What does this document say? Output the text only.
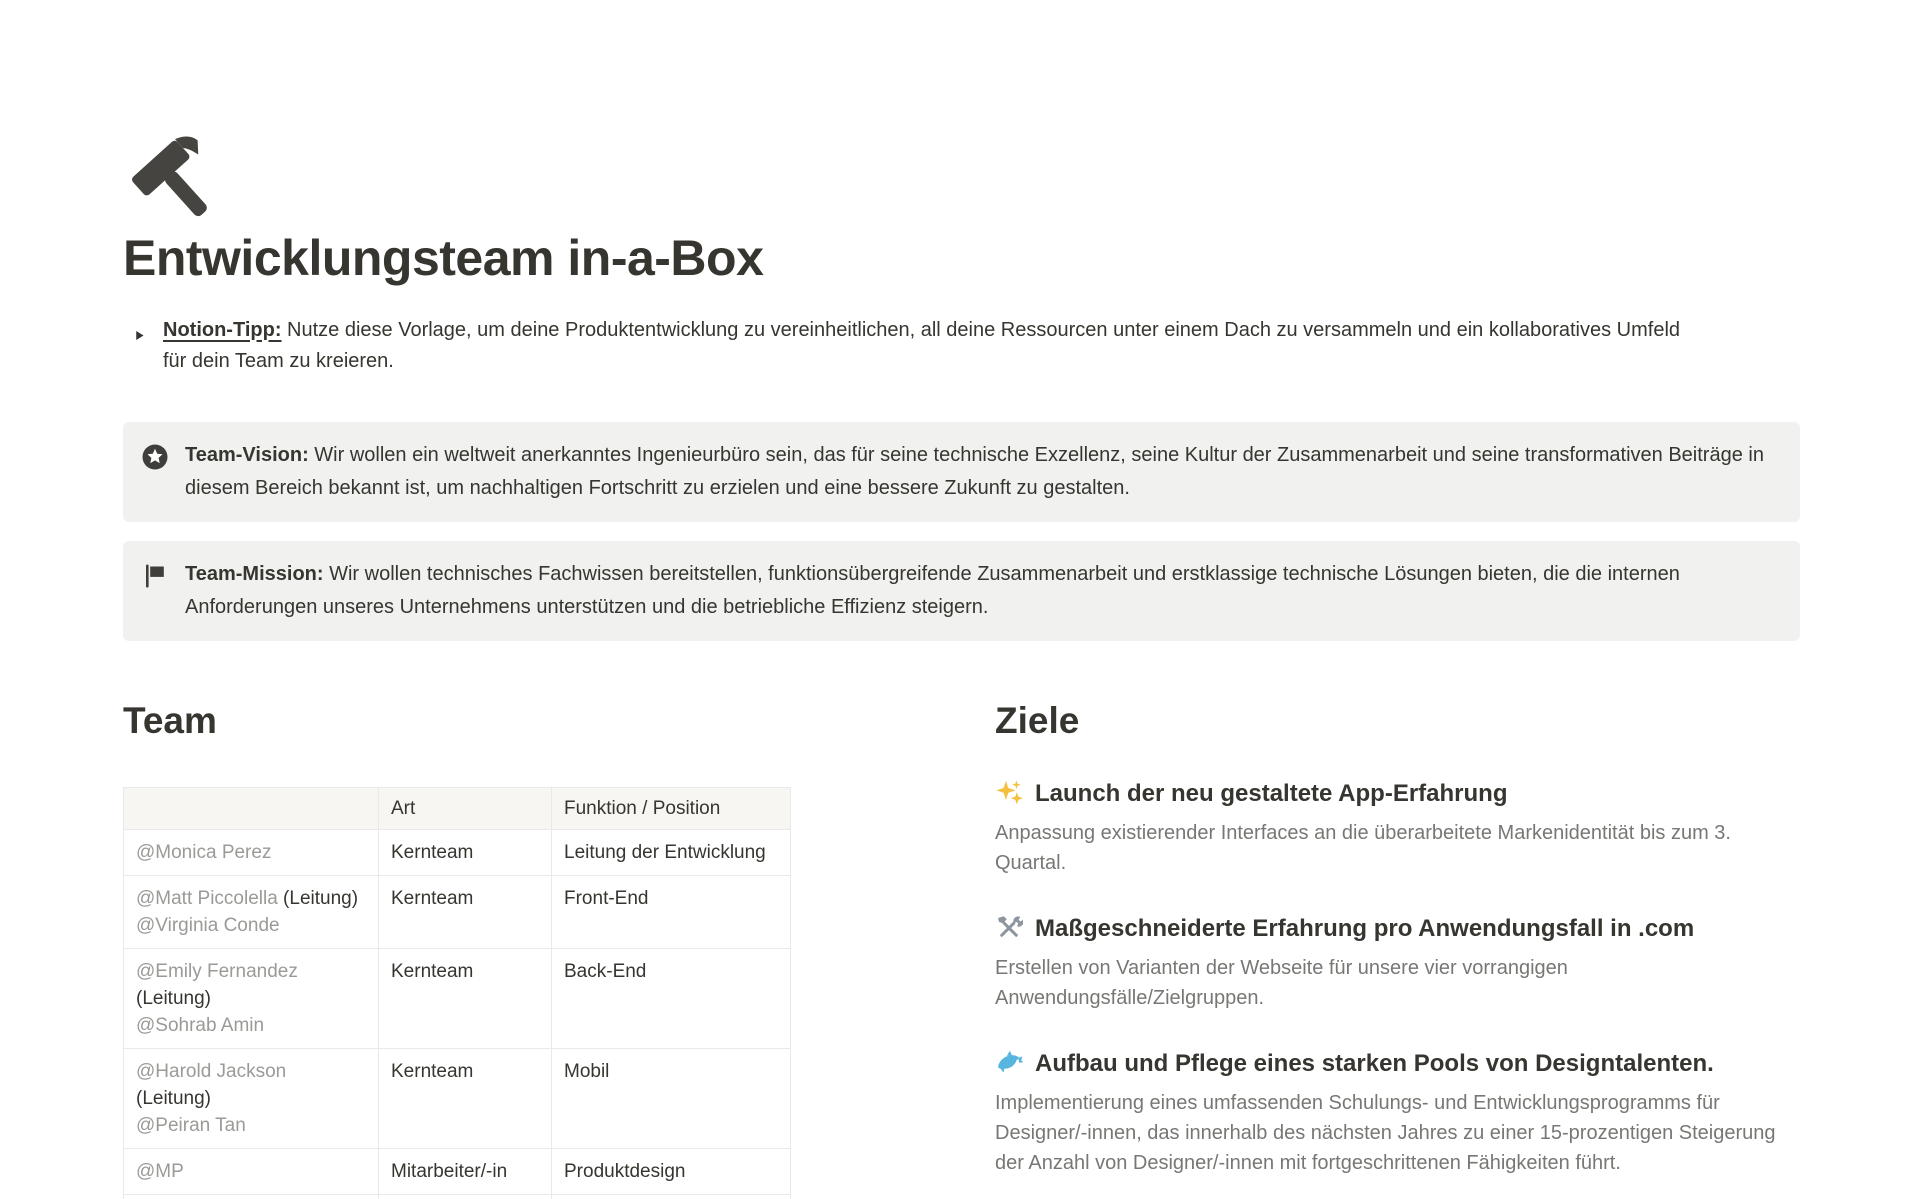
Entwicklungsteam in-a-Box
Notion-Tipp: Nutze diese Vorlage, um deine Produktentwicklung zu vereinheitlichen, all deine Ressourcen unter einem Dach zu versammeln und ein kollaboratives Umfeld für dein Team zu kreieren.
Team-Vision: Wir wollen ein weltweit anerkanntes Ingenieurbüro sein, das für seine technische Exzellenz, seine Kultur der Zusammenarbeit und seine transformativen Beiträge in diesem Bereich bekannt ist, um nachhaltigen Fortschritt zu erzielen und eine bessere Zukunft zu gestalten.
Team-Mission: Wir wollen technisches Fachwissen bereitstellen, funktionsübergreifende Zusammenarbeit und erstklassige technische Lösungen bieten, die die internen Anforderungen unseres Unternehmens unterstützen und die betriebliche Effizienz steigern.
Team
	Art	Funktion / Position

@Monica Perez	Kernteam	Leitung der Entwicklung

@Matt Piccolella (Leitung)
@Virginia Conde	Kernteam	Front-End

@Emily Fernandez
(Leitung)
@Sohrab Amin	Kernteam	Back-End

@Harold Jackson
(Leitung)
@Peiran Tan	Kernteam	Mobil

@MP	Mitarbeiter/-in	Produktdesign

Ziele
Launch der neu gestaltete App-Erfahrung
Anpassung existierender Interfaces an die überarbeitete Markenidentität bis zum 3. Quartal.
Maßgeschneiderte Erfahrung pro Anwendungsfall in .com
Erstellen von Varianten der Webseite für unsere vier vorrangigen Anwendungsfälle/Zielgruppen.
Aufbau und Pflege eines starken Pools von Designtalenten.
Implementierung eines umfassenden Schulungs- und Entwicklungsprogramms für Designer/-innen, das innerhalb des nächsten Jahres zu einer 15-prozentigen Steigerung der Anzahl von Designer/-innen mit fortgeschrittenen Fähigkeiten führt.
